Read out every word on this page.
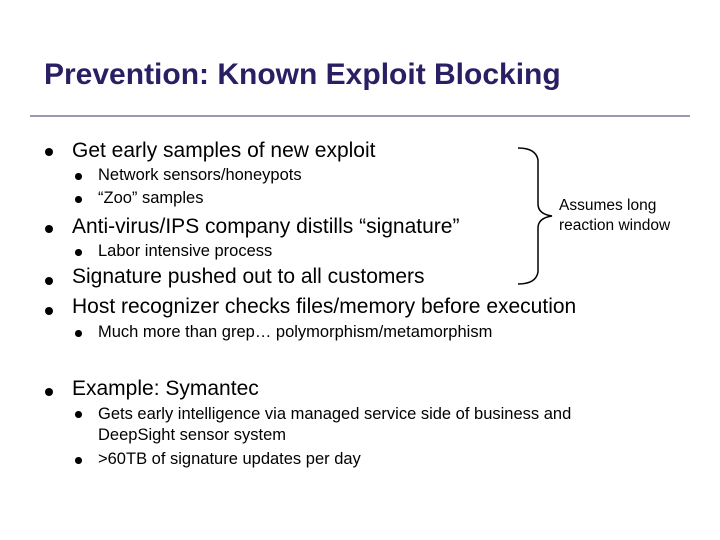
Prevention: Known Exploit Blocking
Get early samples of new exploit
Network sensors/honeypots
“Zoo” samples
Anti-virus/IPS company distills “signature”
Labor intensive process
Signature pushed out to all customers
Host recognizer checks files/memory before execution
Much more than grep… polymorphism/metamorphism
Example: Symantec
Gets early intelligence via managed service side of business and
DeepSight sensor system
>60TB of signature updates per day
Assumes long
reaction window
